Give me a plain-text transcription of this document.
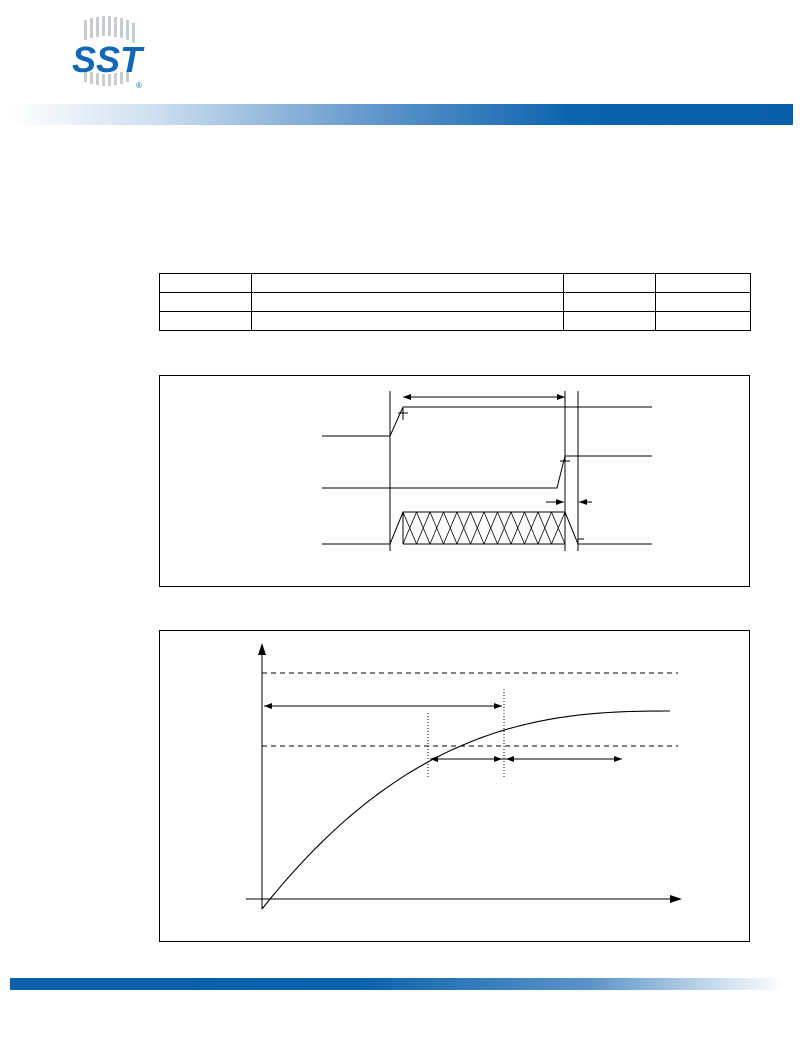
SST
®
